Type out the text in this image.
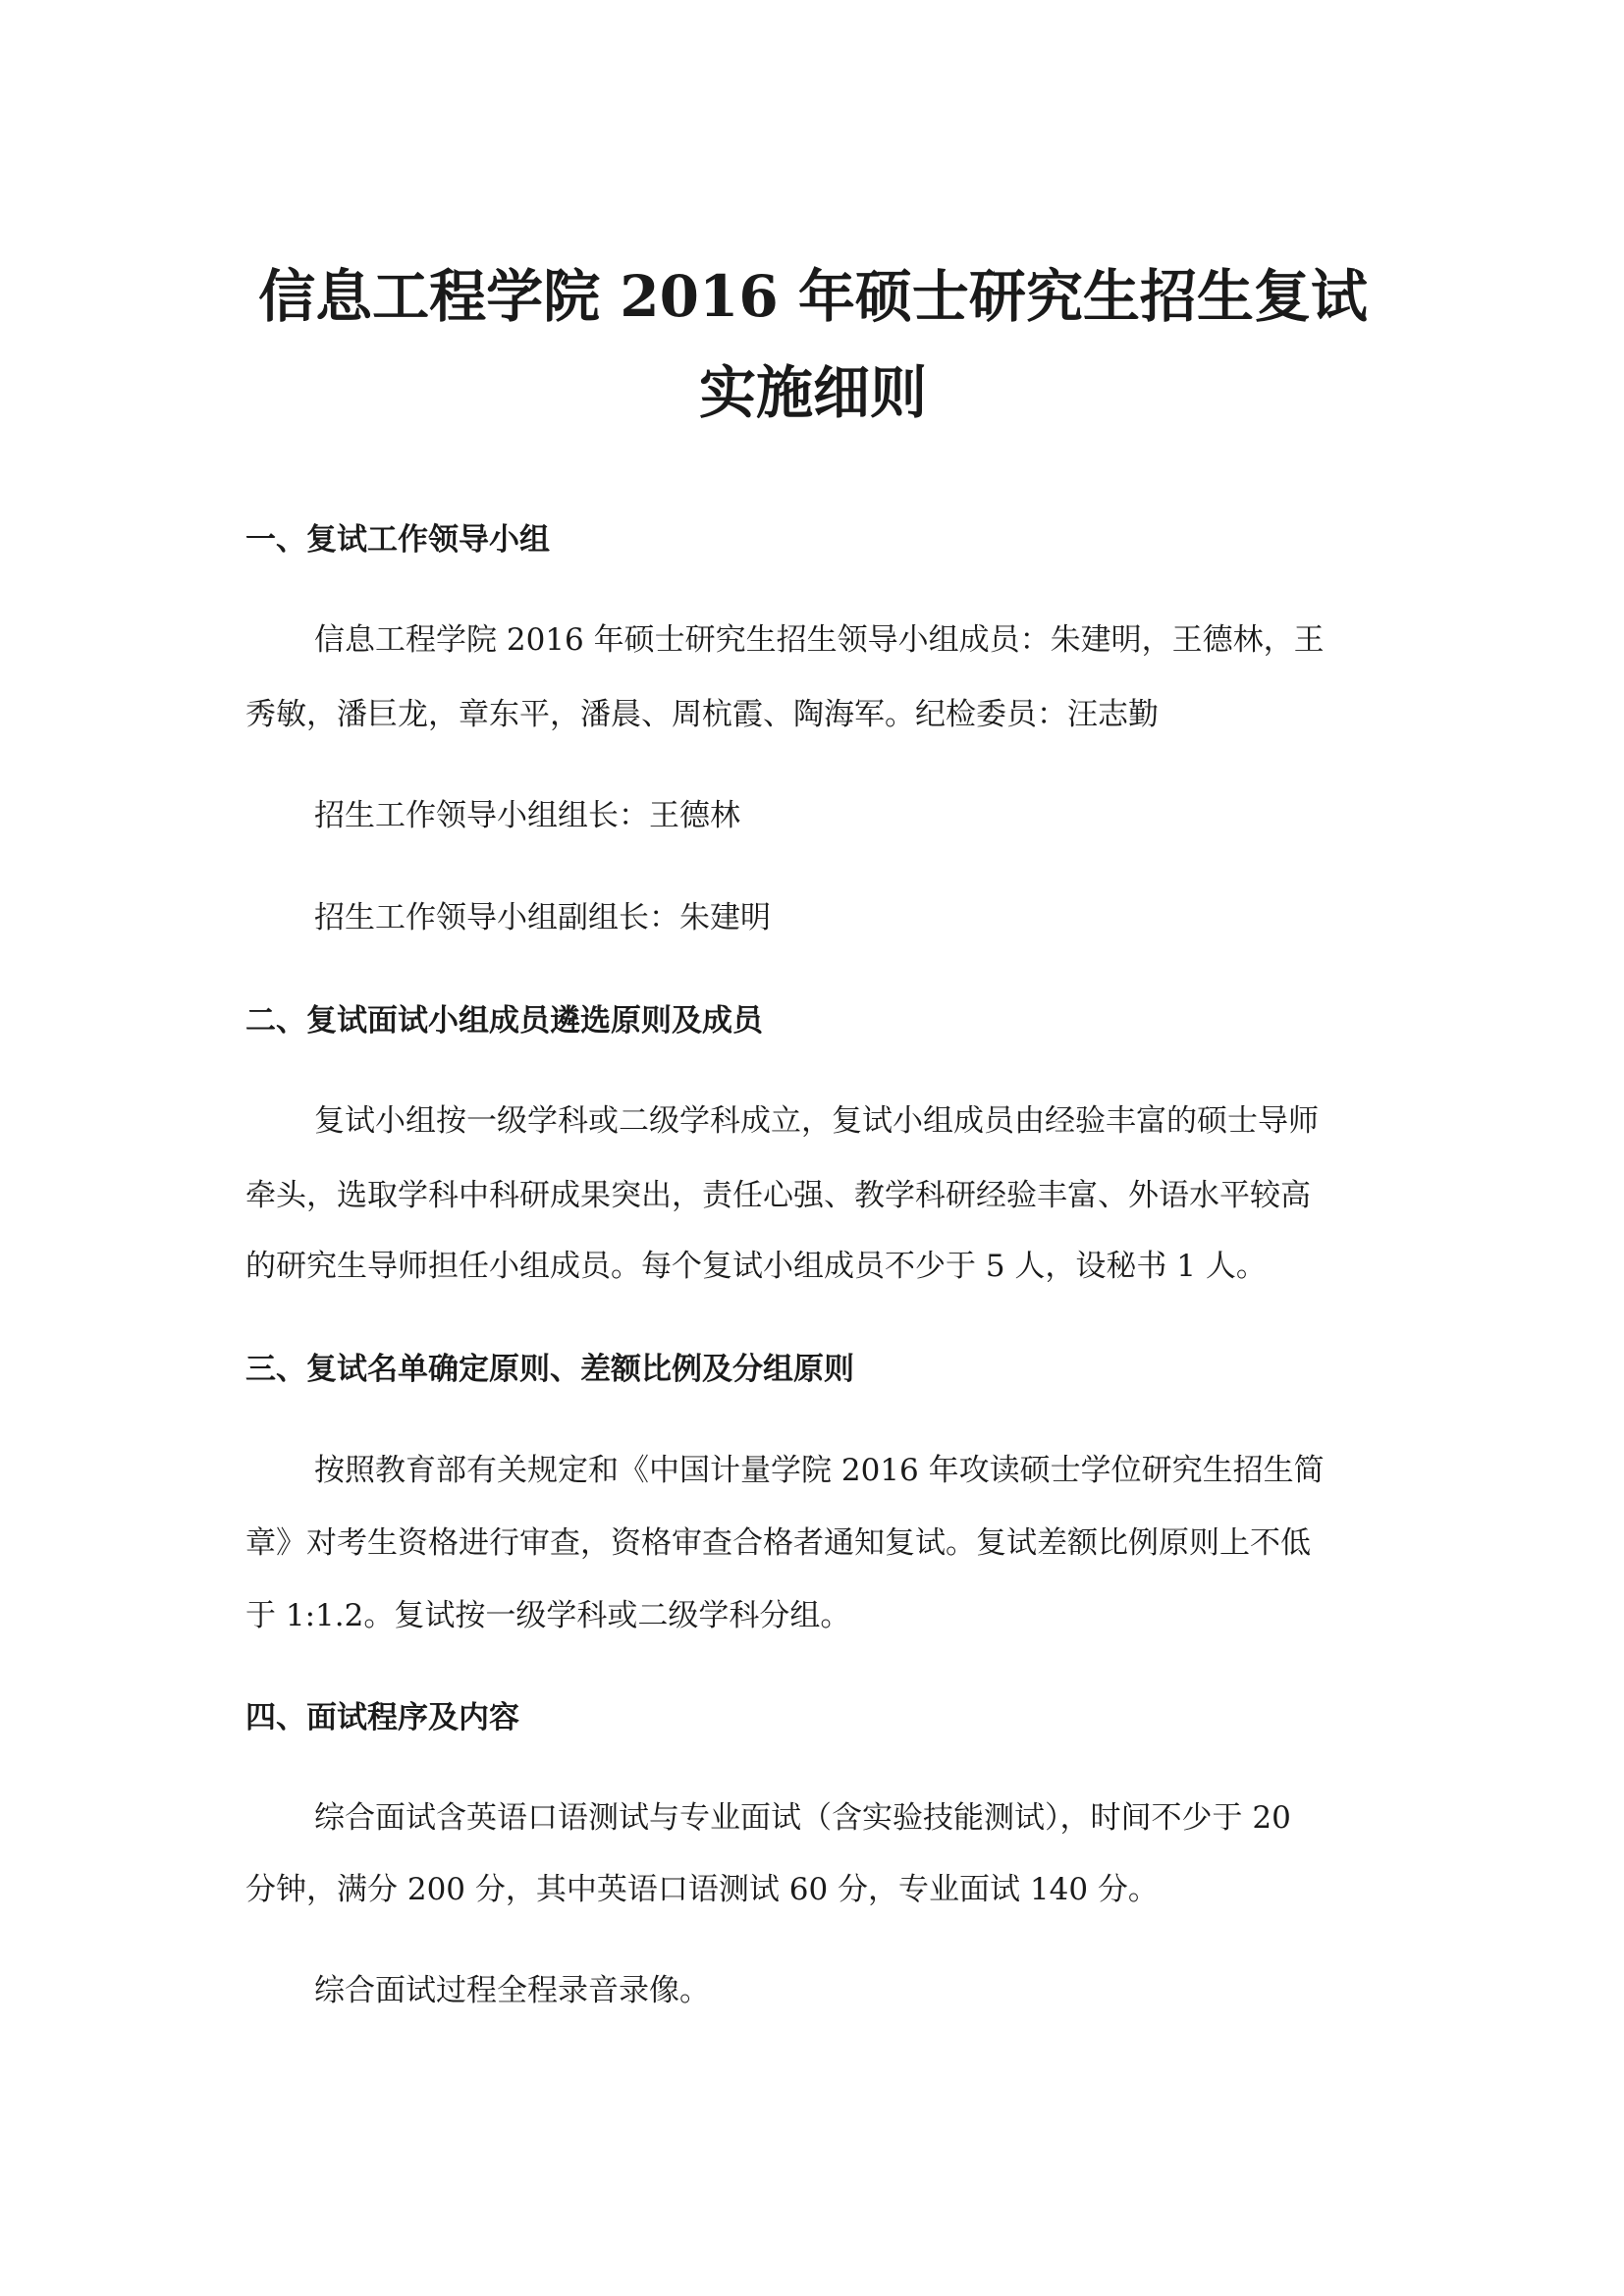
信息工程学院 2016 年硕士研究生招生复试
实施细则
一、复试工作领导小组

信息工程学院 2016 年硕士研究生招生领导小组成员：朱建明，王德林，王

秀敏，潘巨龙，章东平，潘晨、周杭霞、陶海军。纪检委员：汪志勤

招生工作领导小组组长：王德林

招生工作领导小组副组长：朱建明

二、复试面试小组成员遴选原则及成员

复试小组按一级学科或二级学科成立，复试小组成员由经验丰富的硕士导师

牵头，选取学科中科研成果突出，责任心强、教学科研经验丰富、外语水平较高

的研究生导师担任小组成员。每个复试小组成员不少于 5 人，设秘书 1 人。

三、复试名单确定原则、差额比例及分组原则

按照教育部有关规定和《中国计量学院 2016 年攻读硕士学位研究生招生简

章》对考生资格进行审查，资格审查合格者通知复试。复试差额比例原则上不低

于 1:1.2。复试按一级学科或二级学科分组。

四、面试程序及内容

综合面试含英语口语测试与专业面试（含实验技能测试），时间不少于 20

分钟，满分 200 分，其中英语口语测试 60 分，专业面试 140 分。

综合面试过程全程录音录像。
